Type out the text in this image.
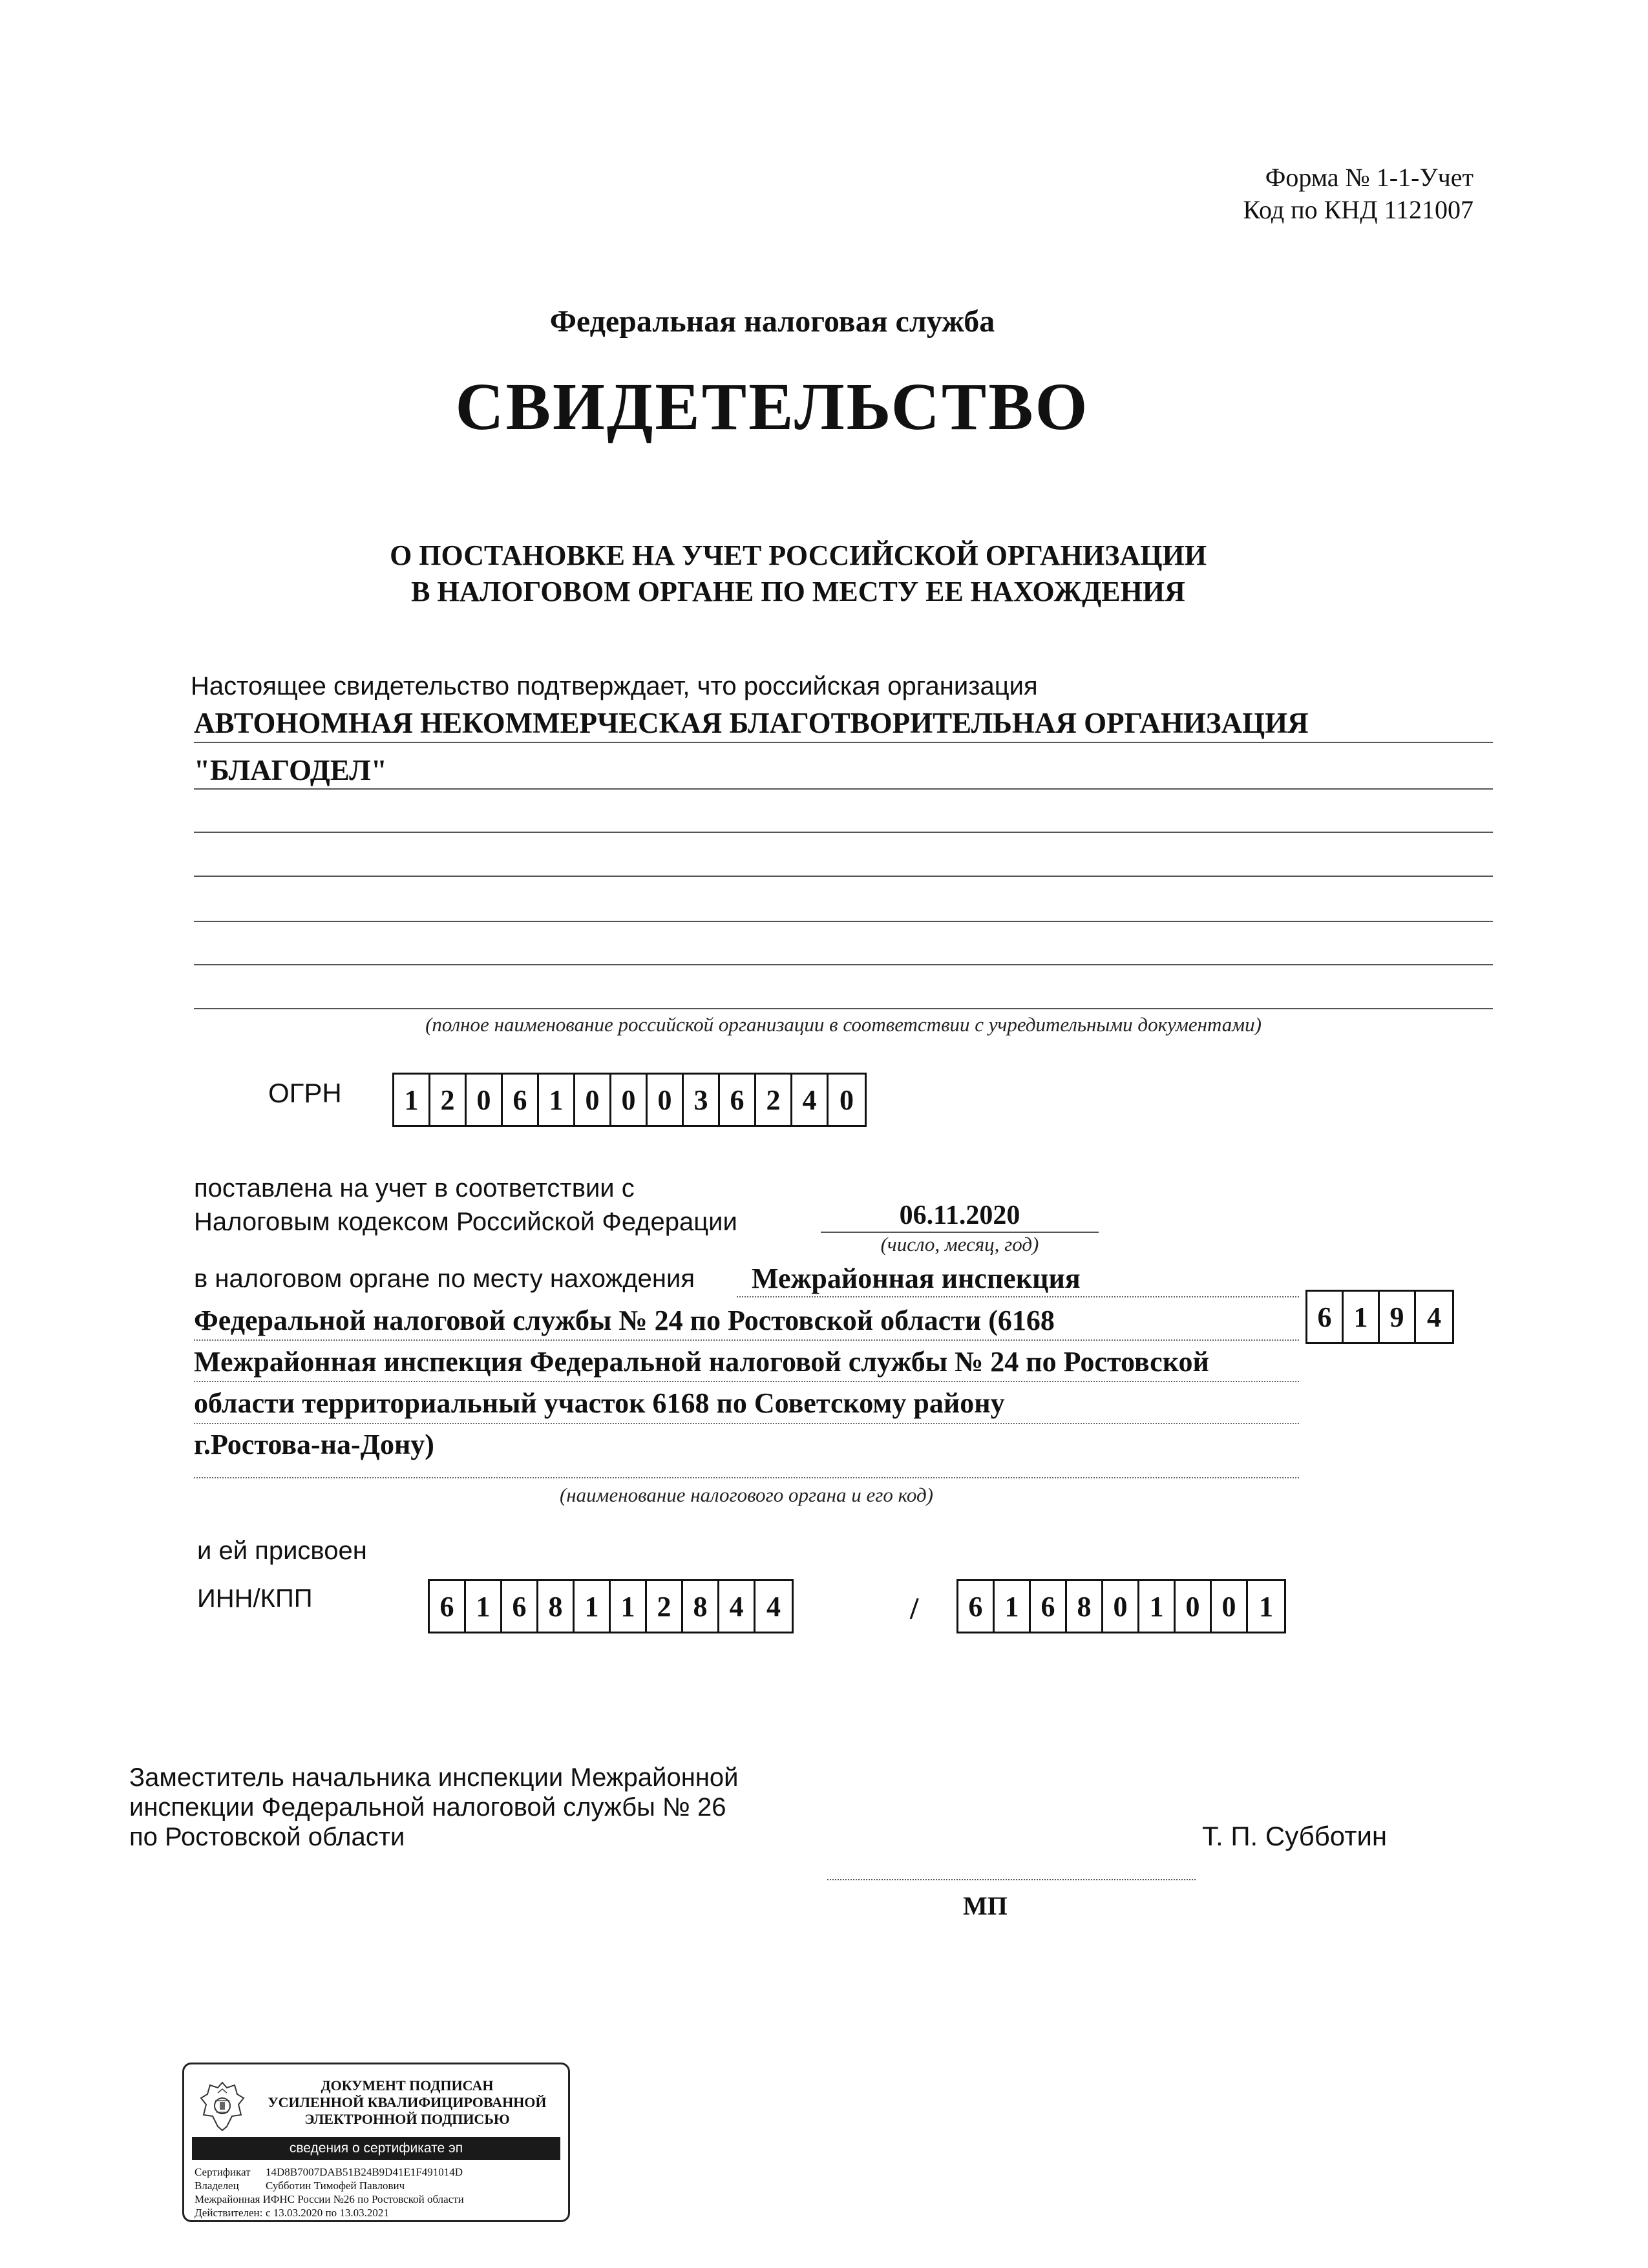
Форма № 1-1-Учет
Код по КНД 1121007
Федеральная налоговая служба
СВИДЕТЕЛЬСТВО
О ПОСТАНОВКЕ НА УЧЕТ РОССИЙСКОЙ ОРГАНИЗАЦИИ
В НАЛОГОВОМ ОРГАНЕ ПО МЕСТУ ЕЕ НАХОЖДЕНИЯ
Настоящее свидетельство подтверждает, что российская организация
АВТОНОМНАЯ НЕКОММЕРЧЕСКАЯ БЛАГОТВОРИТЕЛЬНАЯ ОРГАНИЗАЦИЯ
"БЛАГОДЕЛ"
(полное наименование российской организации в соответствии с учредительными документами)
ОГРН	1 2 0 6 1 0 0 0 3 6 2 4 0
поставлена на учет в соответствии с
Налоговым кодексом Российской Федерации	06.11.2020
(число, месяц, год)
в налоговом органе по месту нахождения Межрайонная инспекция
Федеральной налоговой службы № 24 по Ростовской области (6168	6 1 9 4
Межрайонная инспекция Федеральной налоговой службы № 24 по Ростовской
области территориальный участок 6168 по Советскому району
г.Ростова-на-Дону)
(наименование налогового органа и его код)
и ей присвоен
ИНН/КПП	6 1 6 8 1 1 2 8 4 4	/	6 1 6 8 0 1 0 0 1
Заместитель начальника инспекции Межрайонной
инспекции Федеральной налоговой службы № 26
по Ростовской области	Т. П. Субботин
МП
ДОКУМЕНТ ПОДПИСАН
УСИЛЕННОЙ КВАЛИФИЦИРОВАННОЙ
ЭЛЕКТРОННОЙ ПОДПИСЬЮ
сведения о сертификате эп
Сертификат	14D8B7007DAB51B24B9D41E1F491014D
Владелец	Субботин Тимофей Павлович
Межрайонная ИФНС России №26 по Ростовской области
Действителен: с 13.03.2020 по 13.03.2021
